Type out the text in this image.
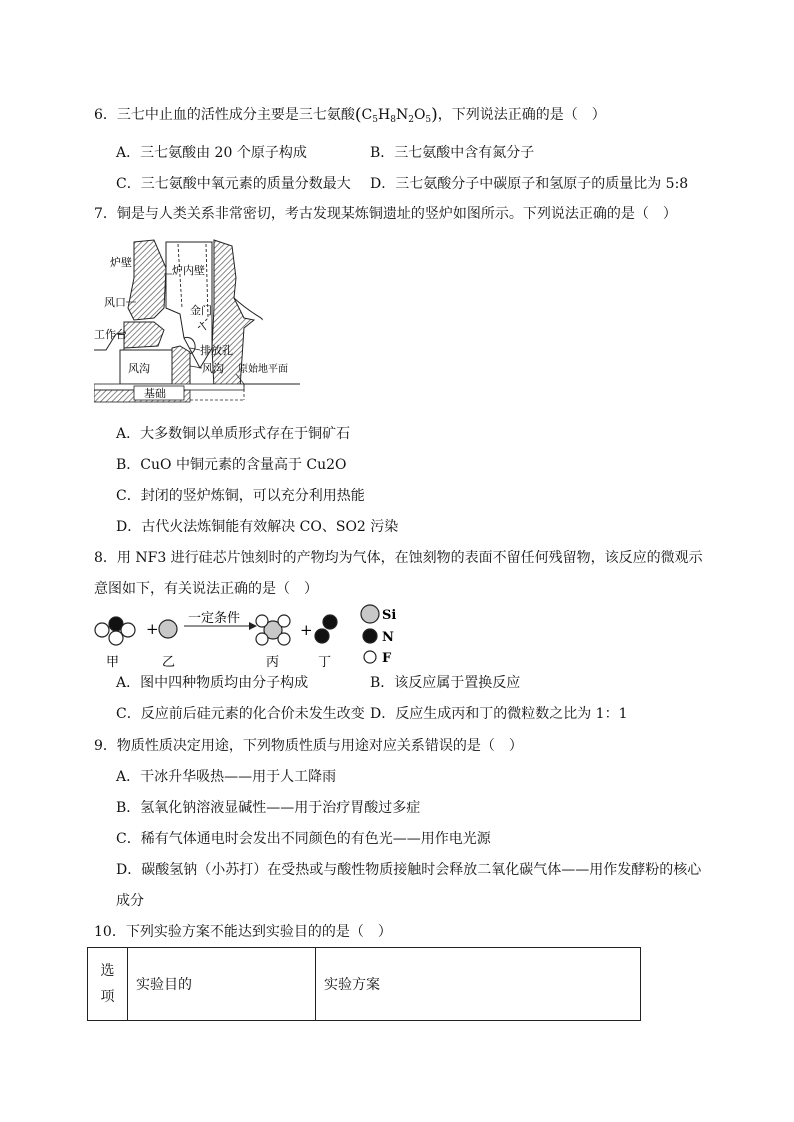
6．三七中止血的活性成分主要是三七氨酸$(C_5H_8N_2O_5)$，下列说法正确的是（　）
A．三七氨酸由 20 个原子构成	B．三七氨酸中含有氮分子
C．三七氨酸中氧元素的质量分数最大 D．三七氨酸分子中碳原子和氢原子的质量比为 5:8
7．铜是与人类关系非常密切，考古发现某炼铜遗址的竖炉如图所示。下列说法正确的是（　）
炉壁
炉内壁
风口
金门
工作台
排放孔
风沟	风沟 原始地平面
基础
A．大多数铜以单质形式存在于铜矿石
B．CuO 中铜元素的含量高于 Cu2O
C．封闭的竖炉炼铜，可以充分利用热能
D．古代火法炼铜能有效解决 CO、SO2 污染
8．用 NF3 进行硅芯片蚀刻时的产物均为气体，在蚀刻物的表面不留任何残留物，该反应的微观示
意图如下，有关说法正确的是（　）
+	+
一定条件
甲	乙	丙	丁
Si
N
F
A．图中四种物质均由分子构成	B．该反应属于置换反应
C．反应前后硅元素的化合价未发生改变 D．反应生成丙和丁的微粒数之比为 1：1
9．物质性质决定用途，下列物质性质与用途对应关系错误的是（　）
A．干冰升华吸热——用于人工降雨
B．氢氧化钠溶液显碱性——用于治疗胃酸过多症
C．稀有气体通电时会发出不同颜色的有色光——用作电光源
D．碳酸氢钠（小苏打）在受热或与酸性物质接触时会释放二氧化碳气体——用作发酵粉的核心
成分
10．下列实验方案不能达到实验目的的是（　）
选
项
	实验目的	实验方案
